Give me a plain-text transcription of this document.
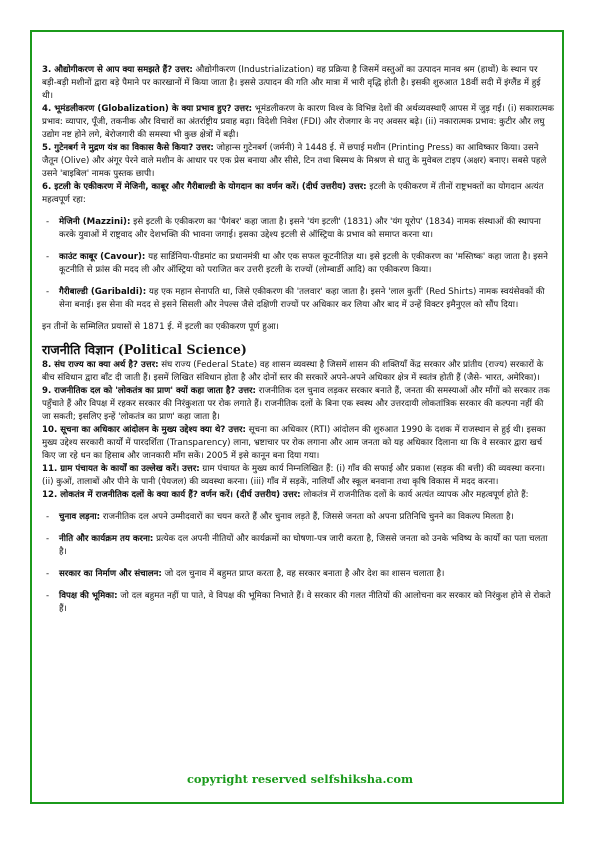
3. औद्योगीकरण से आप क्या समझते हैं? उत्तर: औद्योगीकरण (Industrialization) वह प्रक्रिया है जिसमें वस्तुओं का उत्पादन मानव श्रम (हाथों) के स्थान पर बड़ी-बड़ी मशीनों द्वारा बड़े पैमाने पर कारखानों में किया जाता है। इससे उत्पादन की गति और मात्रा में भारी वृद्धि होती है। इसकी शुरुआत 18वीं सदी में इंग्लैंड में हुई थी।

4. भूमंडलीकरण (Globalization) के क्या प्रभाव हुए? उत्तर: भूमंडलीकरण के कारण विश्व के विभिन्न देशों की अर्थव्यवस्थाएँ आपस में जुड़ गईं। (i) सकारात्मक प्रभाव: व्यापार, पूँजी, तकनीक और विचारों का अंतर्राष्ट्रीय प्रवाह बढ़ा। विदेशी निवेश (FDI) और रोजगार के नए अवसर बढ़े। (ii) नकारात्मक प्रभाव: कुटीर और लघु उद्योग नष्ट होने लगे, बेरोजगारी की समस्या भी कुछ क्षेत्रों में बढ़ी।

5. गुटेनबर्ग ने मुद्रण यंत्र का विकास कैसे किया? उत्तर: जोहान्स गुटेनबर्ग (जर्मनी) ने 1448 ई. में छपाई मशीन (Printing Press) का आविष्कार किया। उसने जैतून (Olive) और अंगूर पेरने वाले मशीन के आधार पर एक प्रेस बनाया और सीसे, टिन तथा बिस्मथ के मिश्रण से धातु के मुवेबल टाइप (अक्षर) बनाए। सबसे पहले उसने 'बाइबिल' नामक पुस्तक छापी।

6. इटली के एकीकरण में मेजिनी, काबूर और गैरीबाल्डी के योगदान का वर्णन करें। (दीर्घ उत्तरीय) उत्तर: इटली के एकीकरण में तीनों राष्ट्रभक्तों का योगदान अत्यंत महत्वपूर्ण रहा:

- मेजिनी (Mazzini): इसे इटली के एकीकरण का 'पैगंबर' कहा जाता है। इसने 'यंग इटली' (1831) और 'यंग यूरोप' (1834) नामक संस्थाओं की स्थापना करके युवाओं में राष्ट्रवाद और देशभक्ति की भावना जगाई। इसका उद्देश्य इटली से ऑस्ट्रिया के प्रभाव को समाप्त करना था।
- काउंट काबूर (Cavour): यह सार्डिनिया-पीडमांट का प्रधानमंत्री था और एक सफल कूटनीतिज्ञ था। इसे इटली के एकीकरण का 'मस्तिष्क' कहा जाता है। इसने कूटनीति से फ्रांस की मदद ली और ऑस्ट्रिया को पराजित कर उत्तरी इटली के राज्यों (लोम्बार्डी आदि) का एकीकरण किया।
- गैरीबाल्डी (Garibaldi): यह एक महान सेनापति था, जिसे एकीकरण की 'तलवार' कहा जाता है। इसने 'लाल कुर्ती' (Red Shirts) नामक स्वयंसेवकों की सेना बनाई। इस सेना की मदद से इसने सिसली और नेपल्स जैसे दक्षिणी राज्यों पर अधिकार कर लिया और बाद में उन्हें विक्टर इमैनुएल को सौंप दिया।

इन तीनों के सम्मिलित प्रयासों से 1871 ई. में इटली का एकीकरण पूर्ण हुआ।

राजनीति विज्ञान (Political Science)

8. संघ राज्य का क्या अर्थ है? उत्तर: संघ राज्य (Federal State) वह शासन व्यवस्था है जिसमें शासन की शक्तियाँ केंद्र सरकार और प्रांतीय (राज्य) सरकारों के बीच संविधान द्वारा बाँट दी जाती हैं। इसमें लिखित संविधान होता है और दोनों स्तर की सरकारें अपने-अपने अधिकार क्षेत्र में स्वतंत्र होती हैं (जैसे- भारत, अमेरिका)।

9. राजनीतिक दल को 'लोकतंत्र का प्राण' क्यों कहा जाता है? उत्तर: राजनीतिक दल चुनाव लड़कर सरकार बनाते हैं, जनता की समस्याओं और माँगों को सरकार तक पहुँचाते हैं और विपक्ष में रहकर सरकार की निरंकुशता पर रोक लगाते हैं। राजनीतिक दलों के बिना एक स्वस्थ और उत्तरदायी लोकतांत्रिक सरकार की कल्पना नहीं की जा सकती; इसलिए इन्हें 'लोकतंत्र का प्राण' कहा जाता है।

10. सूचना का अधिकार आंदोलन के मुख्य उद्देश्य क्या थे? उत्तर: सूचना का अधिकार (RTI) आंदोलन की शुरुआत 1990 के दशक में राजस्थान से हुई थी। इसका मुख्य उद्देश्य सरकारी कार्यों में पारदर्शिता (Transparency) लाना, भ्रष्टाचार पर रोक लगाना और आम जनता को यह अधिकार दिलाना था कि वे सरकार द्वारा खर्च किए जा रहे धन का हिसाब और जानकारी माँग सकें। 2005 में इसे कानून बना दिया गया।

11. ग्राम पंचायत के कार्यों का उल्लेख करें। उत्तर: ग्राम पंचायत के मुख्य कार्य निम्नलिखित हैं: (i) गाँव की सफाई और प्रकाश (सड़क की बत्ती) की व्यवस्था करना। (ii) कुओं, तालाबों और पीने के पानी (पेयजल) की व्यवस्था करना। (iii) गाँव में सड़कें, नालियाँ और स्कूल बनवाना तथा कृषि विकास में मदद करना।

12. लोकतंत्र में राजनीतिक दलों के क्या कार्य हैं? वर्णन करें। (दीर्घ उत्तरीय) उत्तर: लोकतंत्र में राजनीतिक दलों के कार्य अत्यंत व्यापक और महत्वपूर्ण होते हैं:

- चुनाव लड़ना: राजनीतिक दल अपने उम्मीदवारों का चयन करते हैं और चुनाव लड़ते हैं, जिससे जनता को अपना प्रतिनिधि चुनने का विकल्प मिलता है।
- नीति और कार्यक्रम तय करना: प्रत्येक दल अपनी नीतियों और कार्यक्रमों का घोषणा-पत्र जारी करता है, जिससे जनता को उनके भविष्य के कार्यों का पता चलता है।
- सरकार का निर्माण और संचालन: जो दल चुनाव में बहुमत प्राप्त करता है, वह सरकार बनाता है और देश का शासन चलाता है।
- विपक्ष की भूमिका: जो दल बहुमत नहीं पा पाते, वे विपक्ष की भूमिका निभाते हैं। वे सरकार की गलत नीतियों की आलोचना कर सरकार को निरंकुश होने से रोकते हैं।
copyright reserved selfshiksha.com
